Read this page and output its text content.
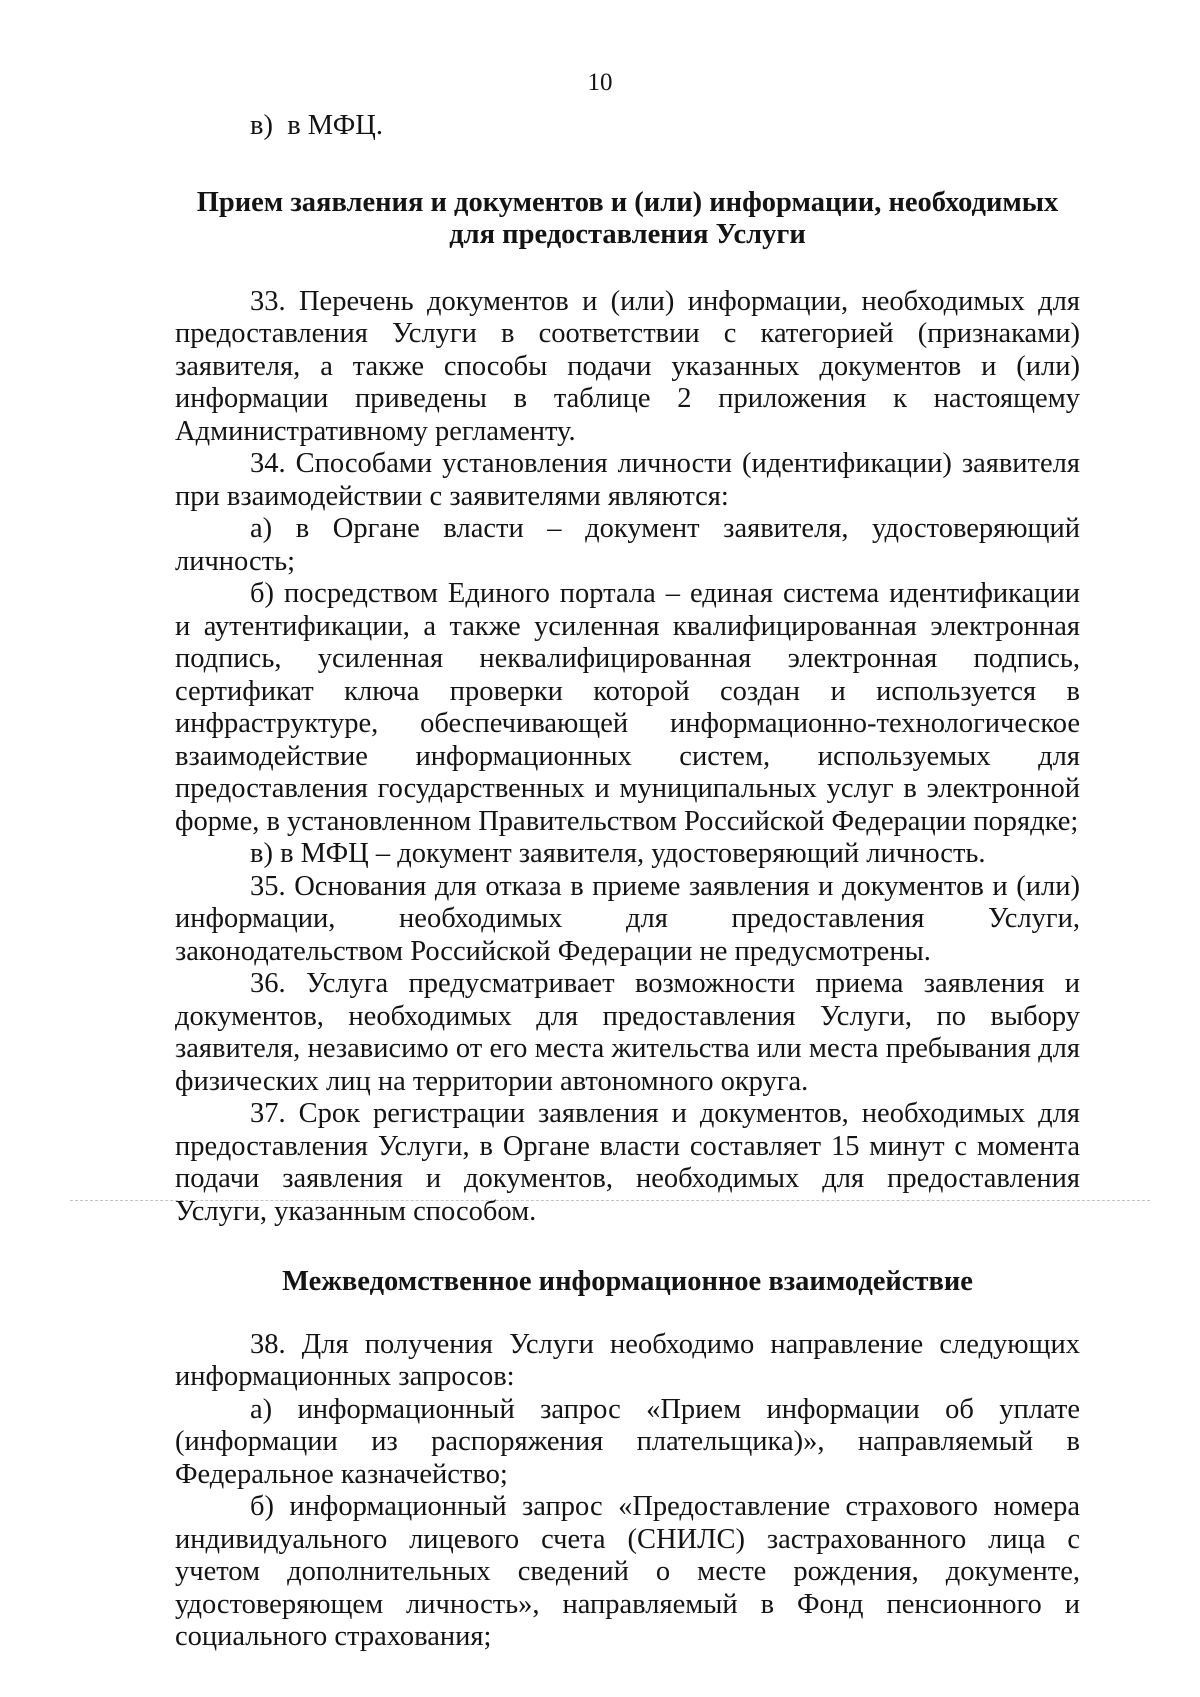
10

в)  в МФЦ.

Прием заявления и документов и (или) информации, необходимых для предоставления Услуги

33. Перечень документов и (или) информации, необходимых для предоставления Услуги в соответствии с категорией (признаками) заявителя, а также способы подачи указанных документов и (или) информации приведены в таблице 2 приложения к настоящему Административному регламенту.

34. Способами установления личности (идентификации) заявителя при взаимодействии с заявителями являются:

а) в Органе власти – документ заявителя, удостоверяющий личность;

б) посредством Единого портала – единая система идентификации и аутентификации, а также усиленная квалифицированная электронная подпись, усиленная неквалифицированная электронная подпись, сертификат ключа проверки которой создан и используется в инфраструктуре, обеспечивающей информационно-технологическое взаимодействие информационных систем, используемых для предоставления государственных и муниципальных услуг в электронной форме, в установленном Правительством Российской Федерации порядке;

в) в МФЦ – документ заявителя, удостоверяющий личность.

35. Основания для отказа в приеме заявления и документов и (или) информации, необходимых для предоставления Услуги, законодательством Российской Федерации не предусмотрены.

36. Услуга предусматривает возможности приема заявления и документов, необходимых для предоставления Услуги, по выбору заявителя, независимо от его места жительства или места пребывания для физических лиц на территории автономного округа.

37. Срок регистрации заявления и документов, необходимых для предоставления Услуги, в Органе власти составляет 15 минут с момента подачи заявления и документов, необходимых для предоставления Услуги, указанным способом.

Межведомственное информационное взаимодействие

38. Для получения Услуги необходимо направление следующих информационных запросов:

а) информационный запрос «Прием информации об уплате (информации из распоряжения плательщика)», направляемый в Федеральное казначейство;

б) информационный запрос «Предоставление страхового номера индивидуального лицевого счета (СНИЛС) застрахованного лица с учетом дополнительных сведений о месте рождения, документе, удостоверяющем личность», направляемый в Фонд пенсионного и социального страхования;
